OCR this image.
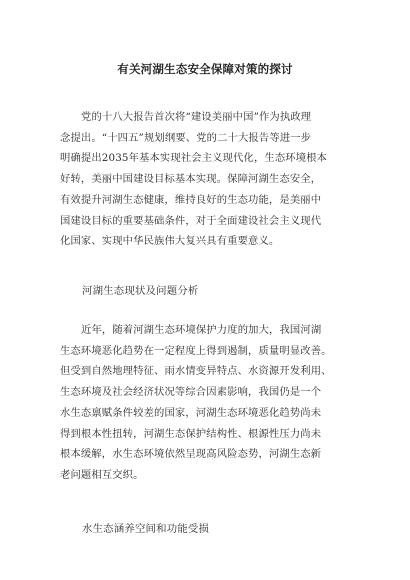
有关河湖生态安全保障对策的探讨
党的十八大报告首次将“建设美丽中国”作为执政理
念提出。“十四五”规划纲要、党的二十大报告等进一步
明确提出2035年基本实现社会主义现代化，生态环境根本
好转，美丽中国建设目标基本实现。保障河湖生态安全，
有效提升河湖生态健康，维持良好的生态功能，是美丽中
国建设目标的重要基础条件，对于全面建设社会主义现代
化国家、实现中华民族伟大复兴具有重要意义。
河湖生态现状及问题分析
近年，随着河湖生态环境保护力度的加大，我国河湖
生态环境恶化趋势在一定程度上得到遏制，质量明显改善。
但受到自然地理特征、雨水情变异特点、水资源开发利用、
生态环境及社会经济状况等综合因素影响，我国仍是一个
水生态禀赋条件较差的国家，河湖生态环境恶化趋势尚未
得到根本性扭转，河湖生态保护结构性、根源性压力尚未
根本缓解，水生态环境依然呈现高风险态势，河湖生态新
老问题相互交织。
水生态涵养空间和功能受损
